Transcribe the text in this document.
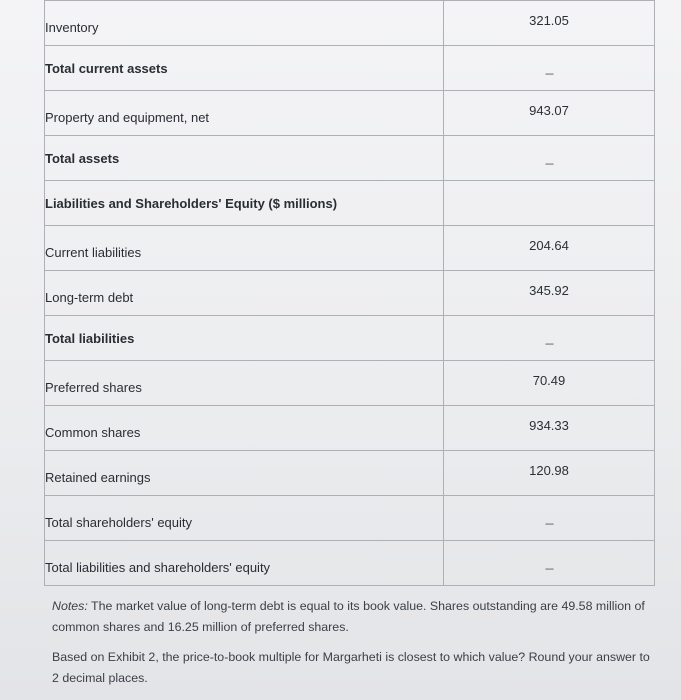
Inventory	321.05

Total current assets	---

Property and equipment, net	943.07

Total assets	---

Liabilities and Shareholders' Equity ($ millions)	

Current liabilities	204.64

Long-term debt	345.92

Total liabilities	---

Preferred shares	70.49

Common shares	934.33

Retained earnings	120.98

Total shareholders' equity	---

Total liabilities and shareholders' equity	---

Notes: The market value of long-term debt is equal to its book value. Shares outstanding are 49.58 million of common shares and 16.25 million of preferred shares.

Based on Exhibit 2, the price-to-book multiple for Margarheti is closest to which value? Round your answer to 2 decimal places.
